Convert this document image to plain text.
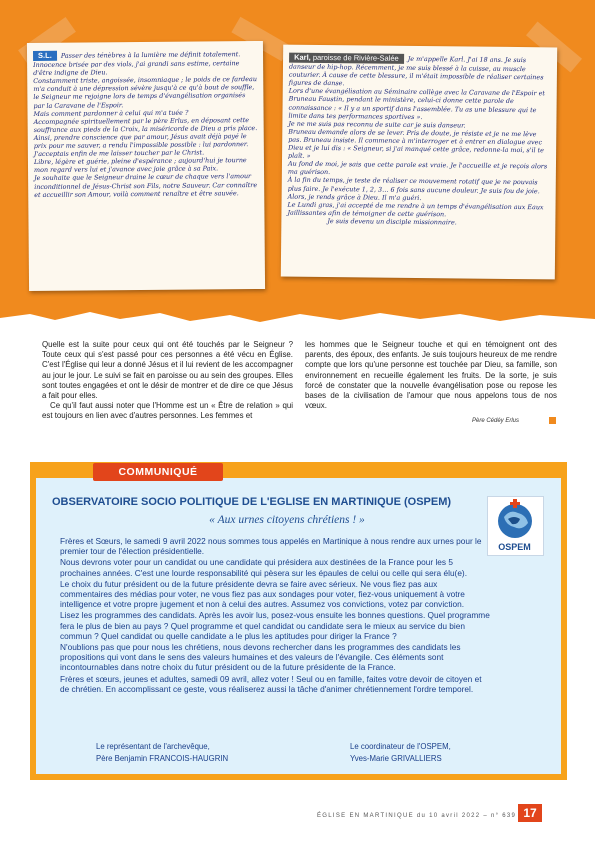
S.L. Passer des ténèbres à la lumière me définit totalement. Innocence brisée par des viols, j'ai grandi sans estime, certaine d'être indigne de Dieu.

Constamment triste, angoissée, insomniaque ; le poids de ce fardeau m'a conduit à une dépression sévère jusqu'à ce qu'à bout de souffle, le Seigneur me rejoigne lors de temps d'évangélisation organisés par la Caravane de l'Espoir.

Mais comment pardonner à celui qui m'a tuée ?

Accompagnée spirituellement par le père Erlus, en déposant cette souffrance aux pieds de la Croix, la miséricorde de Dieu a pris place.

Ainsi, prendre conscience que par amour, Jésus avait déjà payé le prix pour me sauver, a rendu l'impossible possible : lui pardonner. J'acceptais enfin de me laisser toucher par le Christ.

Libre, légère et guérie, pleine d'espérance ; aujourd'hui je tourne mon regard vers lui et j'avance avec joie grâce à sa Paix.

Je souhaite que le Seigneur draine le cœur de chaque vers l'amour inconditionnel de Jésus-Christ son Fils, notre Sauveur. Car connaître et accueillir son Amour, voilà comment renaître et être sauvée.

Karl, paroisse de Rivière-Salée Je m'appelle Karl. J'ai 18 ans. Je suis danseur de hip-hop. Récemment, je me suis blessé à la cuisse, au muscle couturier. À cause de cette blessure, il m'était impossible de réaliser certaines figures de danse.

Lors d'une évangélisation au Séminaire collège avec la Caravane de l'Espoir et Bruneau Faustin, pendant le ministère, celui-ci donne cette parole de connaissance : « Il y a un sportif dans l'assemblée. Tu as une blessure qui te limite dans tes performances sportives ».

Je ne me suis pas reconnu de suite car je suis danseur.

Bruneau demande alors de se lever. Pris de doute, je résiste et je ne me lève pas. Bruneau insiste. Il commence à m'interroger et à entrer en dialogue avec Dieu et je lui dis : « Seigneur, si j'ai manqué cette grâce, redonne-la moi, s'il te plaît. »

Au fond de moi, je sais que cette parole est vraie. Je l'accueille et je reçois alors ma guérison.

À la fin du temps, je teste de réaliser ce mouvement rotatif que je ne pouvais plus faire. Je l'exécute 1, 2, 3… 6 fois sans aucune douleur. Je suis fou de joie. Alors, je rends grâce à Dieu. Il m'a guéri.

Le Lundi gras, j'ai accepté de me rendre à un temps d'évangélisation aux Eaux Jaillissantes afin de témoigner de cette guérison.

Je suis devenu un disciple missionnaire.

Quelle est la suite pour ceux qui ont été touchés par le Seigneur ? Toute ceux qui s'est passé pour ces personnes a été vécu en Église. C'est l'Église qui leur a donné Jésus et il lui revient de les accompagner au jour le jour. Le suivi se fait en paroisse ou au sein des groupes. Elles sont toutes engagées et ont le désir de montrer et de dire ce que Jésus a fait pour elles.

Ce qu'il faut aussi noter que l'Homme est un « Être de relation » qui est toujours en lien avec d'autres personnes. Les femmes et

les hommes que le Seigneur touche et qui en témoignent ont des parents, des époux, des enfants. Je suis toujours heureux de me rendre compte que lors qu'une personne est touchée par Dieu, sa famille, son environnement en recueille également les fruits. De la sorte, je suis forcé de constater que la nouvelle évangélisation pose ou repose les bases de la civilisation de l'amour que nous appelons tous de nos vœux.

Père Cédéy Erlus
COMMUNIQUÉ
OBSERVATOIRE SOCIO POLITIQUE DE L'EGLISE EN MARTINIQUE (OSPEM)
« Aux urnes citoyens chrétiens ! »
OSPEM

Frères et Sœurs, le samedi 9 avril 2022 nous sommes tous appelés en Martinique à nous rendre aux urnes pour le premier tour de l'élection présidentielle.

Nous devrons voter pour un candidat ou une candidate qui présidera aux destinées de la France pour les 5 prochaines années. C'est une lourde responsabilité qui pèsera sur les épaules de celui ou celle qui sera élu(e).

Le choix du futur président ou de la future présidente devra se faire avec sérieux. Ne vous fiez pas aux commentaires des médias pour voter, ne vous fiez pas aux sondages pour voter, fiez-vous uniquement à votre intelligence et votre propre jugement et non à celui des autres. Assumez vos convictions, votez par conviction.

Lisez les programmes des candidats. Après les avoir lus, posez-vous ensuite les bonnes questions. Quel programme fera le plus de bien au pays ? Quel programme et quel candidat ou candidate sera le mieux au service du bien commun ? Quel candidat ou quelle candidate a le plus les aptitudes pour diriger la France ?

N'oublions pas que pour nous les chrétiens, nous devons rechercher dans les programmes des candidats les propositions qui vont dans le sens des valeurs humaines et des valeurs de l'évangile. Ces éléments sont incontournables dans notre choix du futur président ou de la future présidente de la France.

Frères et sœurs, jeunes et adultes, samedi 09 avril, allez voter ! Seul ou en famille, faites votre devoir de citoyen et de chrétien. En accomplissant ce geste, vous réaliserez aussi la tâche d'animer chrétiennement l'ordre temporel.

Le représentant de l'archevêque,
Père Benjamin FRANCOIS-HAUGRIN
Le coordinateur de l'OSPEM,
Yves-Marie GRIVALLIERS
ÉGLISE EN MARTINIQUE du 10 avril 2022 – n° 639 17
